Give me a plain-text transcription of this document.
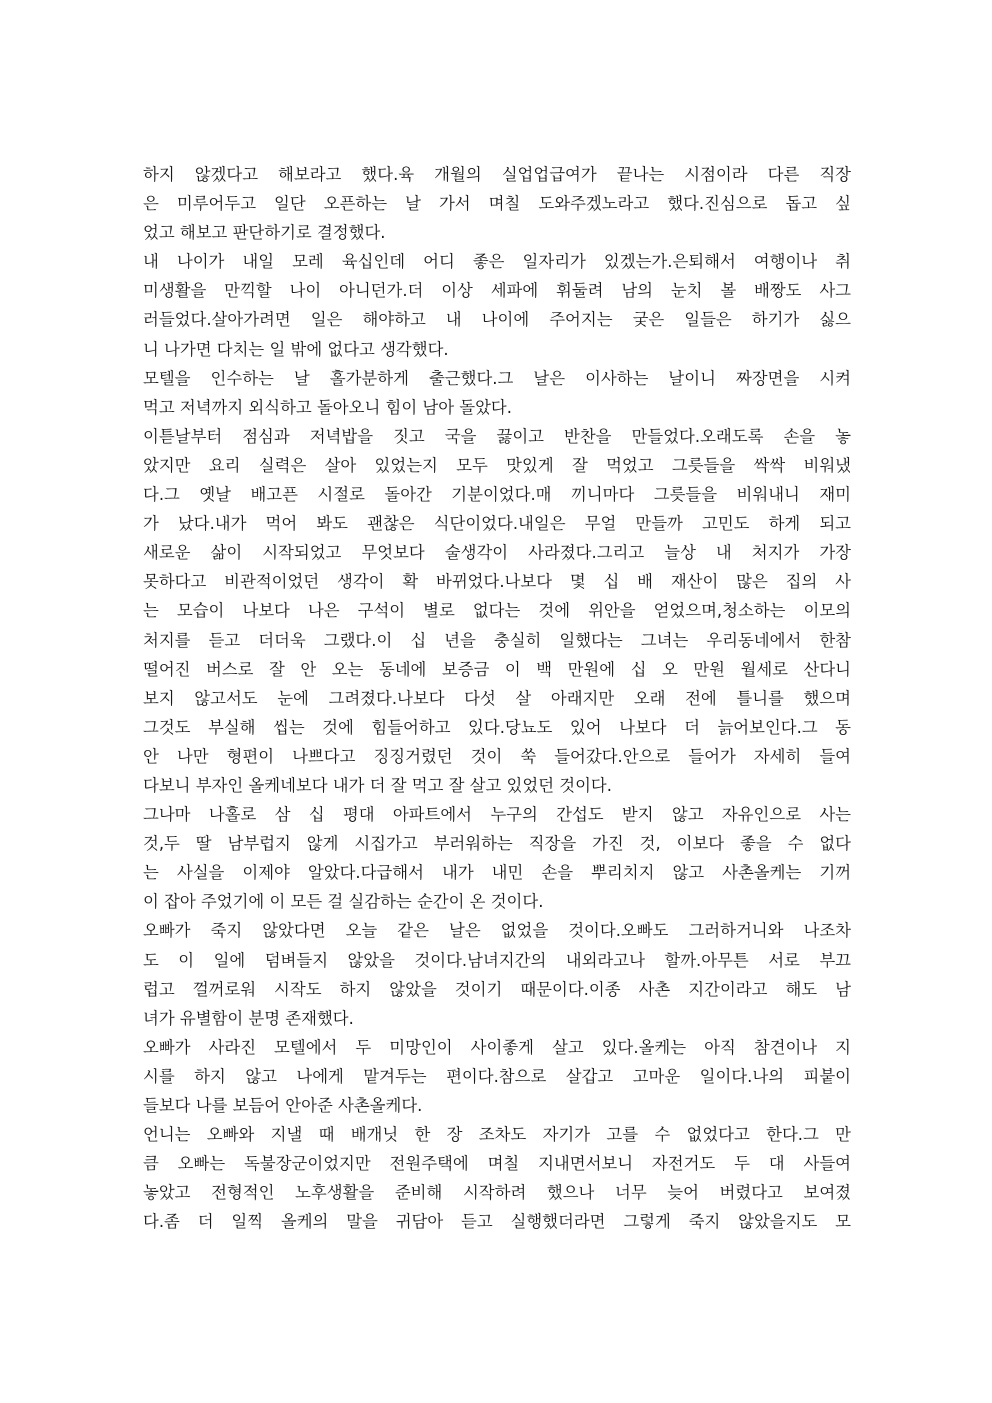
하지 않겠다고 해보라고 했다.육 개월의 실업업급여가 끝나는 시점이라 다른 직장
은 미루어두고 일단 오픈하는 날 가서 며칠 도와주겠노라고 했다.진심으로 돕고 싶
었고 해보고 판단하기로 결정했다.
내 나이가 내일 모레 육십인데 어디 좋은 일자리가 있겠는가.은퇴해서 여행이나 취
미생활을 만끽할 나이 아니던가.더 이상 세파에 휘둘려 남의 눈치 볼 배짱도 사그
러들었다.살아가려면 일은 해야하고 내 나이에 주어지는 궂은 일들은 하기가 싫으
니 나가면 다치는 일 밖에 없다고 생각했다.
모텔을 인수하는 날 홀가분하게 출근했다.그 날은 이사하는 날이니 짜장면을 시켜
먹고 저녁까지 외식하고 돌아오니 힘이 남아 돌았다.
이튿날부터 점심과 저녁밥을 짓고 국을 끓이고 반찬을 만들었다.오래도록 손을 놓
았지만 요리 실력은 살아 있었는지 모두 맛있게 잘 먹었고 그릇들을 싹싹 비워냈
다.그 옛날 배고픈 시절로 돌아간 기분이었다.매 끼니마다 그릇들을 비워내니 재미
가 났다.내가 먹어 봐도 괜찮은 식단이었다.내일은 무얼 만들까 고민도 하게 되고
새로운 삶이 시작되었고 무엇보다 술생각이 사라졌다.그리고 늘상 내 처지가 가장
못하다고 비관적이었던 생각이 확 바뀌었다.나보다 몇 십 배 재산이 많은 집의 사
는 모습이 나보다 나은 구석이 별로 없다는 것에 위안을 얻었으며,청소하는 이모의
처지를 듣고 더더욱 그랬다.이 십 년을 충실히 일했다는 그녀는 우리동네에서 한참
떨어진 버스로 잘 안 오는 동네에 보증금 이 백 만원에 십 오 만원 월세로 산다니
보지 않고서도 눈에 그려졌다.나보다 다섯 살 아래지만 오래 전에 틀니를 했으며
그것도 부실해 씹는 것에 힘들어하고 있다.당뇨도 있어 나보다 더 늙어보인다.그 동
안 나만 형편이 나쁘다고 징징거렸던 것이 쑥 들어갔다.안으로 들어가 자세히 들여
다보니 부자인 올케네보다 내가 더 잘 먹고 잘 살고 있었던 것이다.
그나마 나홀로 삼 십 평대 아파트에서 누구의 간섭도 받지 않고 자유인으로 사는
것,두 딸 남부럽지 않게 시집가고 부러워하는 직장을 가진 것, 이보다 좋을 수 없다
는 사실을 이제야 알았다.다급해서 내가 내민 손을 뿌리치지 않고 사촌올케는 기꺼
이 잡아 주었기에 이 모든 걸 실감하는 순간이 온 것이다.
오빠가 죽지 않았다면 오늘 같은 날은 없었을 것이다.오빠도 그러하거니와 나조차
도 이 일에 덤벼들지 않았을 것이다.남녀지간의 내외라고나 할까.아무튼 서로 부끄
럽고 껄꺼로워 시작도 하지 않았을 것이기 때문이다.이종 사촌 지간이라고 해도 남
녀가 유별함이 분명 존재했다.
오빠가 사라진 모텔에서 두 미망인이 사이좋게 살고 있다.올케는 아직 참견이나 지
시를 하지 않고 나에게 맡겨두는 편이다.참으로 살갑고 고마운 일이다.나의 피붙이
들보다 나를 보듬어 안아준 사촌올케다.
언니는 오빠와 지낼 때 배개닛 한 장 조차도 자기가 고를 수 없었다고 한다.그 만
큼 오빠는 독불장군이었지만 전원주택에 며칠 지내면서보니 자전거도 두 대 사들여
놓았고 전형적인 노후생활을 준비해 시작하려 했으나 너무 늦어 버렸다고 보여졌
다.좀 더 일찍 올케의 말을 귀담아 듣고 실행했더라면 그렇게 죽지 않았을지도 모
